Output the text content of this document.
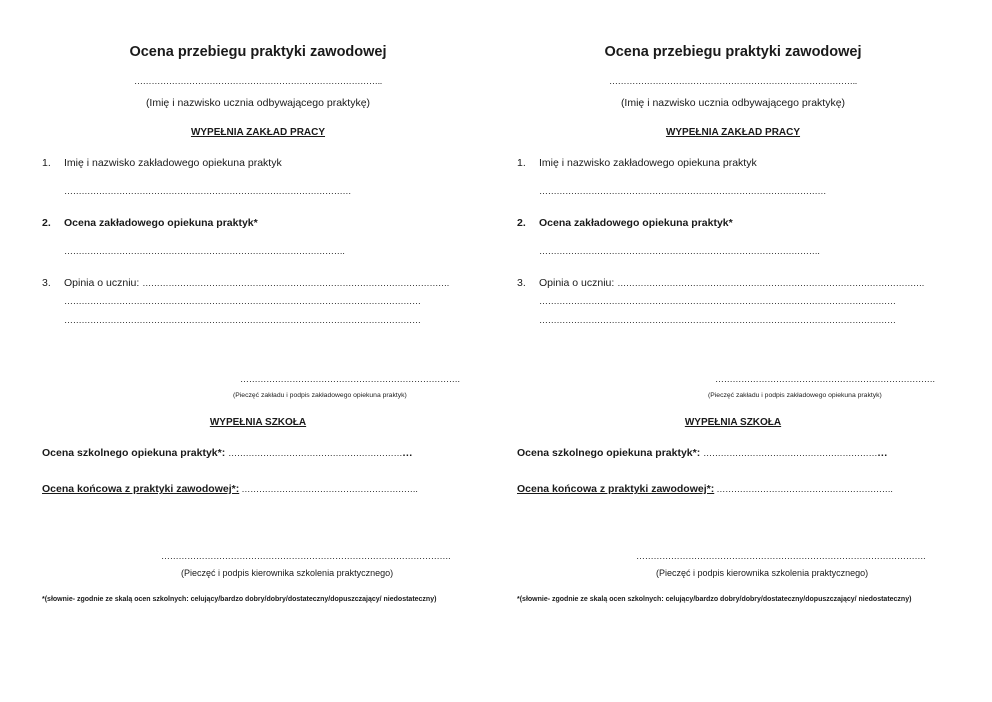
Ocena przebiegu praktyki zawodowej
…………………………………………………………………………..
(Imię i nazwisko ucznia odbywającego praktykę)
WYPEŁNIA ZAKŁAD PRACY
1. Imię i nazwisko zakładowego opiekuna praktyk
………………………………………………………………………………………
2. Ocena zakładowego opiekuna praktyk*
…………………………………………………………………………………….
3. Opinia o uczniu: …………………………………………………………………………………………….
……………………………………………………………………………………………………………
……………………………………………………………………………………………………………
………………………………………………………………….
(Pieczęć zakładu i podpis zakładowego opiekuna praktyk)
WYPEŁNIA SZKOŁA
Ocena szkolnego opiekuna praktyk*: ………………………………………………………
Ocena końcowa z praktyki zawodowej*: …………………………………………………….
……………………………………………………………………………………….
(Pieczęć i podpis kierownika szkolenia praktycznego)
*(słownie- zgodnie ze skalą ocen szkolnych: celujący/bardzo dobry/dobry/dostateczny/dopuszczający/ niedostateczny)
Ocena przebiegu praktyki zawodowej
…………………………………………………………………………..
(Imię i nazwisko ucznia odbywającego praktykę)
WYPEŁNIA ZAKŁAD PRACY
1. Imię i nazwisko zakładowego opiekuna praktyk
………………………………………………………………………………………
2. Ocena zakładowego opiekuna praktyk*
…………………………………………………………………………………….
3. Opinia o uczniu: …………………………………………………………………………………………….
……………………………………………………………………………………………………………
……………………………………………………………………………………………………………
………………………………………………………………….
(Pieczęć zakładu i podpis zakładowego opiekuna praktyk)
WYPEŁNIA SZKOŁA
Ocena szkolnego opiekuna praktyk*: ………………………………………………………
Ocena końcowa z praktyki zawodowej*: …………………………………………………….
……………………………………………………………………………………….
(Pieczęć i podpis kierownika szkolenia praktycznego)
*(słownie- zgodnie ze skalą ocen szkolnych: celujący/bardzo dobry/dobry/dostateczny/dopuszczający/ niedostateczny)
